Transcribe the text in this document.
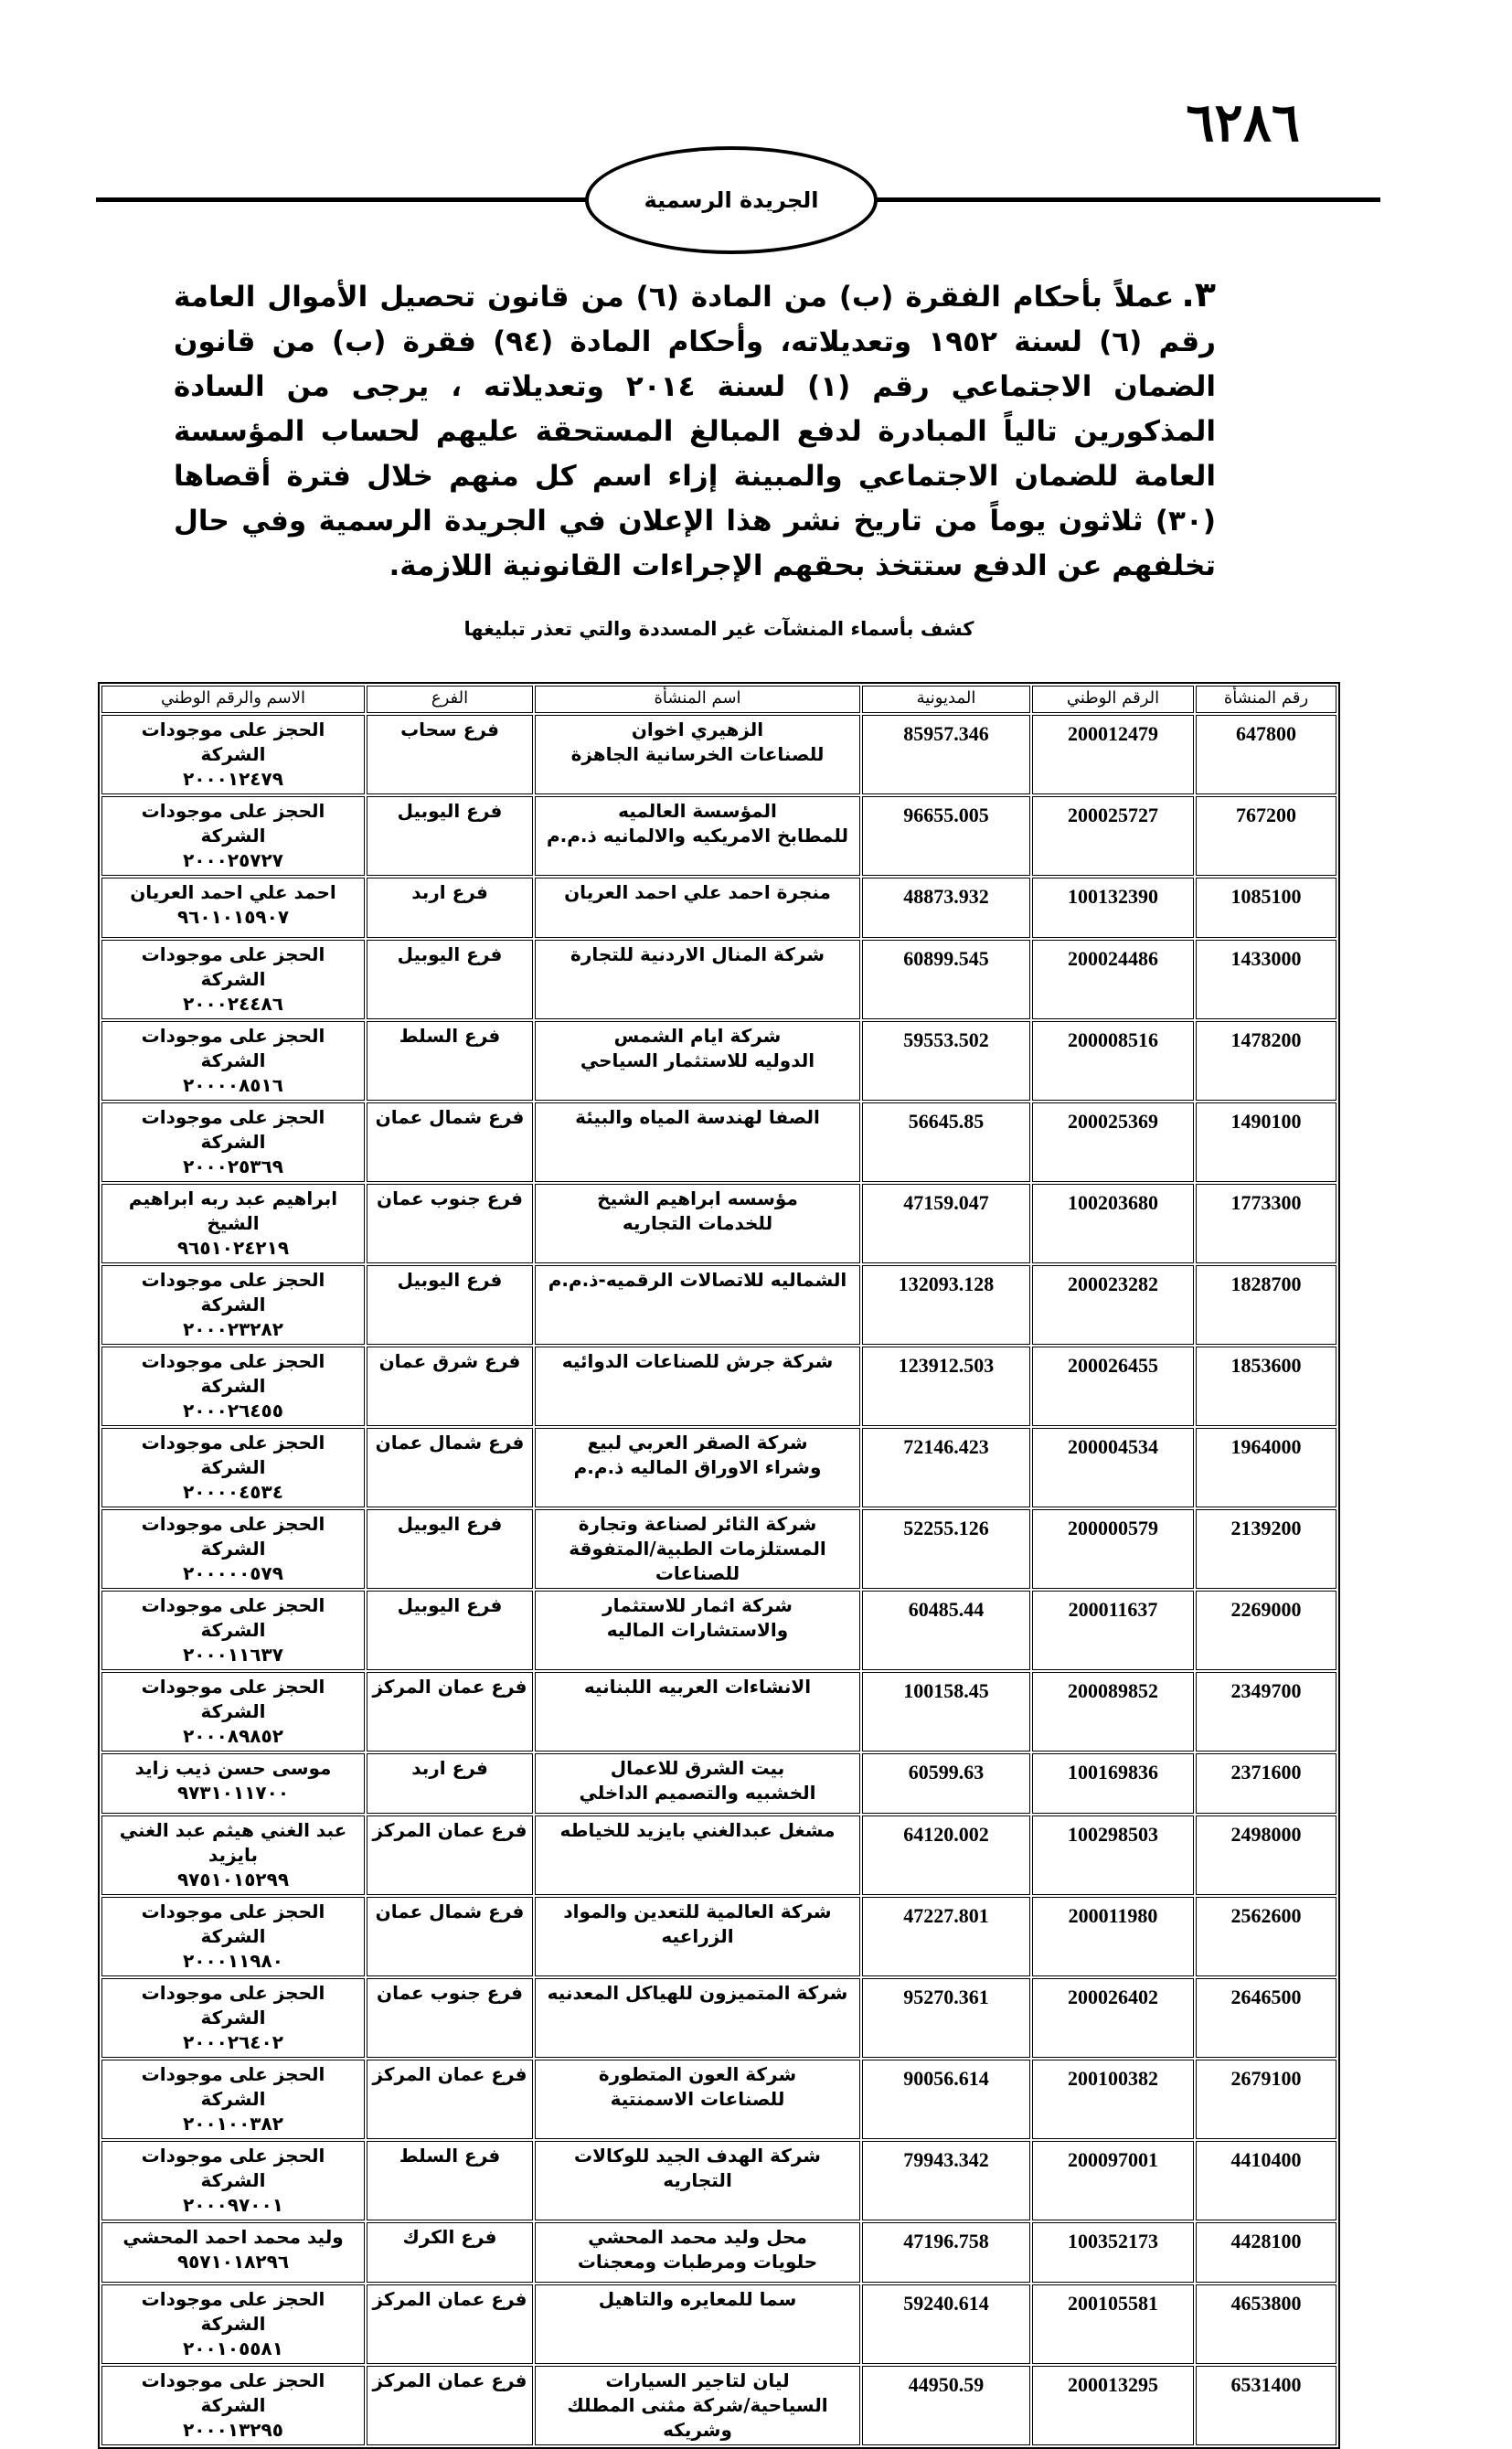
٦٢٨٦
الجريدة الرسمية
٣.عملاً بأحكام الفقرة (ب) من المادة (٦) من قانون تحصيل الأموال العامة رقم (٦) لسنة ١٩٥٢ وتعديلاته، وأحكام المادة (٩٤) فقرة (ب) من قانون الضمان الاجتماعي رقم (١) لسنة ٢٠١٤ وتعديلاته ، يرجى من السادة المذكورين تالياً المبادرة لدفع المبالغ المستحقة عليهم لحساب المؤسسة العامة للضمان الاجتماعي والمبينة إزاء اسم كل منهم خلال فترة أقصاها (٣٠) ثلاثون يوماً من تاريخ نشر هذا الإعلان في الجريدة الرسمية وفي حال تخلفهم عن الدفع ستتخذ بحقهم الإجراءات القانونية اللازمة.
كشف بأسماء المنشآت غير المسددة والتي تعذر تبليغها
رقم المنشأة	الرقم الوطني	المديونية	اسم المنشأة	الفرع	الاسم والرقم الوطني
647800	200012479	85957.346	الزهيري اخوان
للصناعات الخرسانية الجاهزة	فرع سحاب	الحجز على موجودات الشركة
٢٠٠٠١٢٤٧٩
767200	200025727	96655.005	المؤسسة العالميه
للمطابخ الامريكيه والالمانيه ذ.م.م	فرع اليوبيل	الحجز على موجودات الشركة
٢٠٠٠٢٥٧٢٧
1085100	100132390	48873.932	منجرة احمد علي احمد العريان	فرع اربد	احمد علي احمد العريان
٩٦٠١٠١٥٩٠٧
1433000	200024486	60899.545	شركة المنال الاردنية للتجارة	فرع اليوبيل	الحجز على موجودات الشركة
٢٠٠٠٢٤٤٨٦
1478200	200008516	59553.502	شركة ايام الشمس
الدوليه للاستثمار السياحي	فرع السلط	الحجز على موجودات الشركة
٢٠٠٠٠٨٥١٦
1490100	200025369	56645.85	الصفا لهندسة المياه والبيئة	فرع شمال عمان	الحجز على موجودات الشركة
٢٠٠٠٢٥٣٦٩
1773300	100203680	47159.047	مؤسسه ابراهيم الشيخ
للخدمات التجاريه	فرع جنوب عمان	ابراهيم عبد ربه ابراهيم الشيخ
٩٦٥١٠٢٤٢١٩
1828700	200023282	132093.128	الشماليه للاتصالات الرقميه-ذ.م.م	فرع اليوبيل	الحجز على موجودات الشركة
٢٠٠٠٢٣٢٨٢
1853600	200026455	123912.503	شركة جرش للصناعات الدوائيه	فرع شرق عمان	الحجز على موجودات الشركة
٢٠٠٠٢٦٤٥٥
1964000	200004534	72146.423	شركة الصقر العربي لبيع
وشراء الاوراق الماليه ذ.م.م	فرع شمال عمان	الحجز على موجودات الشركة
٢٠٠٠٠٤٥٣٤
2139200	200000579	52255.126	شركة الثائر لصناعة وتجارة
المستلزمات الطبية/المتفوقة للصناعات	فرع اليوبيل	الحجز على موجودات الشركة
٢٠٠٠٠٠٥٧٩
2269000	200011637	60485.44	شركة اثمار للاستثمار
والاستشارات الماليه	فرع اليوبيل	الحجز على موجودات الشركة
٢٠٠٠١١٦٣٧
2349700	200089852	100158.45	الانشاءات العربيه اللبنانيه	فرع عمان المركز	الحجز على موجودات الشركة
٢٠٠٠٨٩٨٥٢
2371600	100169836	60599.63	بيت الشرق للاعمال
الخشبيه والتصميم الداخلي	فرع اربد	موسى حسن ذيب زايد
٩٧٣١٠١١٧٠٠
2498000	100298503	64120.002	مشغل عبدالغني بايزيد للخياطه	فرع عمان المركز	عبد الغني هيثم عبد الغني بايزيد
٩٧٥١٠١٥٢٩٩
2562600	200011980	47227.801	شركة العالمية للتعدين والمواد الزراعيه	فرع شمال عمان	الحجز على موجودات الشركة
٢٠٠٠١١٩٨٠
2646500	200026402	95270.361	شركة المتميزون للهياكل المعدنيه	فرع جنوب عمان	الحجز على موجودات الشركة
٢٠٠٠٢٦٤٠٢
2679100	200100382	90056.614	شركة العون المتطورة
للصناعات الاسمنتية	فرع عمان المركز	الحجز على موجودات الشركة
٢٠٠١٠٠٣٨٢
4410400	200097001	79943.342	شركة الهدف الجيد للوكالات التجاريه	فرع السلط	الحجز على موجودات الشركة
٢٠٠٠٩٧٠٠١
4428100	100352173	47196.758	محل وليد محمد المحشي
حلويات ومرطبات ومعجنات	فرع الكرك	وليد محمد احمد المحشي
٩٥٧١٠١٨٢٩٦
4653800	200105581	59240.614	سما للمعايره والتاهيل	فرع عمان المركز	الحجز على موجودات الشركة
٢٠٠١٠٥٥٨١
6531400	200013295	44950.59	ليان لتاجير السيارات
السياحية/شركة مثنى المطلك وشريكه	فرع عمان المركز	الحجز على موجودات الشركة
٢٠٠٠١٣٢٩٥
